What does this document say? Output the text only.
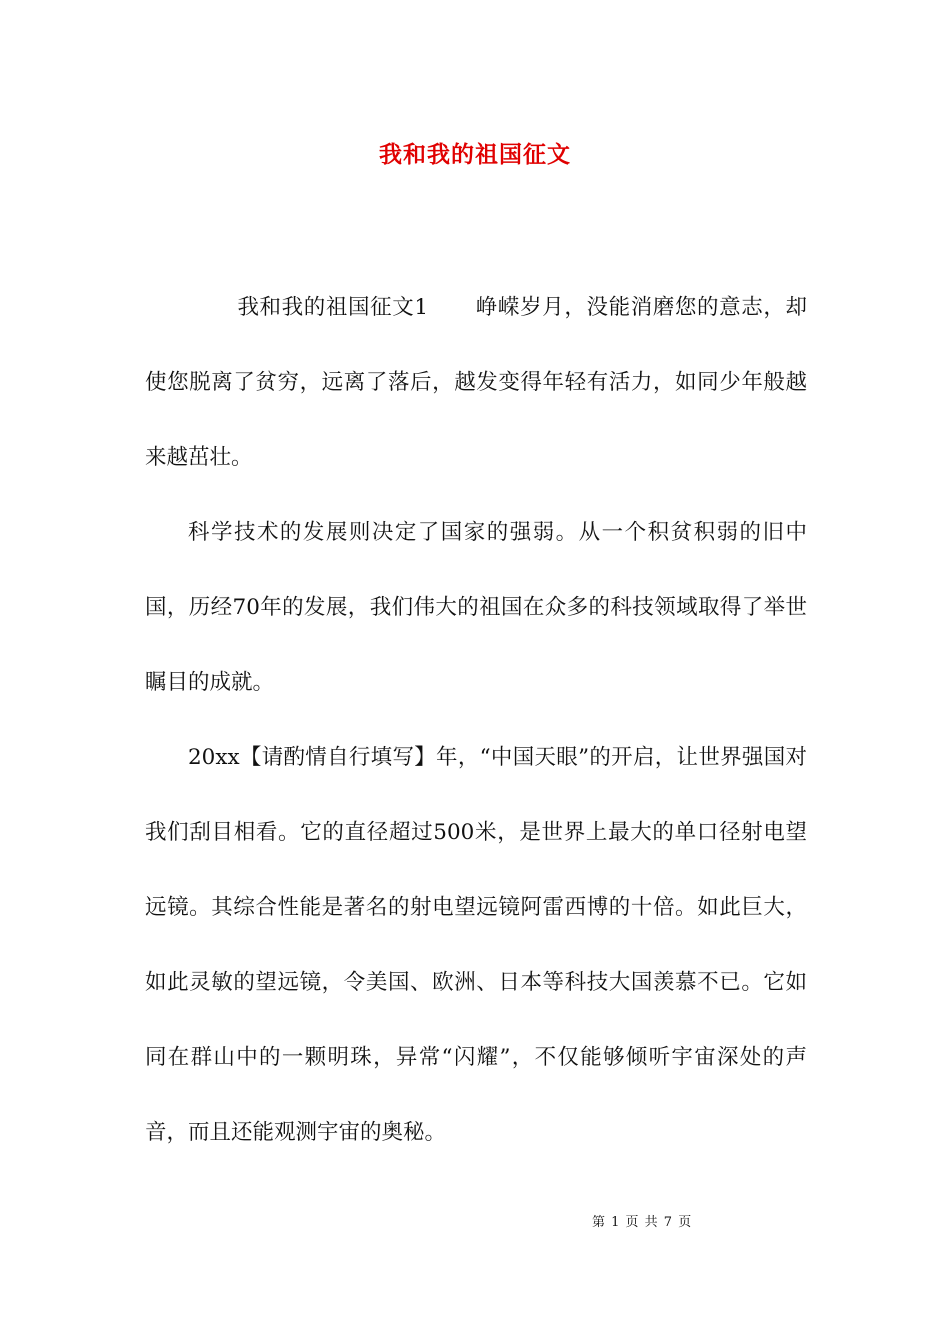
我和我的祖国征文

我和我的祖国征文1 峥嵘岁月，没能消磨您的意志，却使您脱离了贫穷，远离了落后，越发变得年轻有活力，如同少年般越来越茁壮。

科学技术的发展则决定了国家的强弱。从一个积贫积弱的旧中国，历经70年的发展，我们伟大的祖国在众多的科技领域取得了举世瞩目的成就。

20xx【请酌情自行填写】年，“中国天眼”的开启，让世界强国对我们刮目相看。它的直径超过500米，是世界上最大的单口径射电望远镜。其综合性能是著名的射电望远镜阿雷西博的十倍。如此巨大，如此灵敏的望远镜，令美国、欧洲、日本等科技大国羡慕不已。它如同在群山中的一颗明珠，异常“闪耀”，不仅能够倾听宇宙深处的声音，而且还能观测宇宙的奥秘。

第 1 页 共 7 页
